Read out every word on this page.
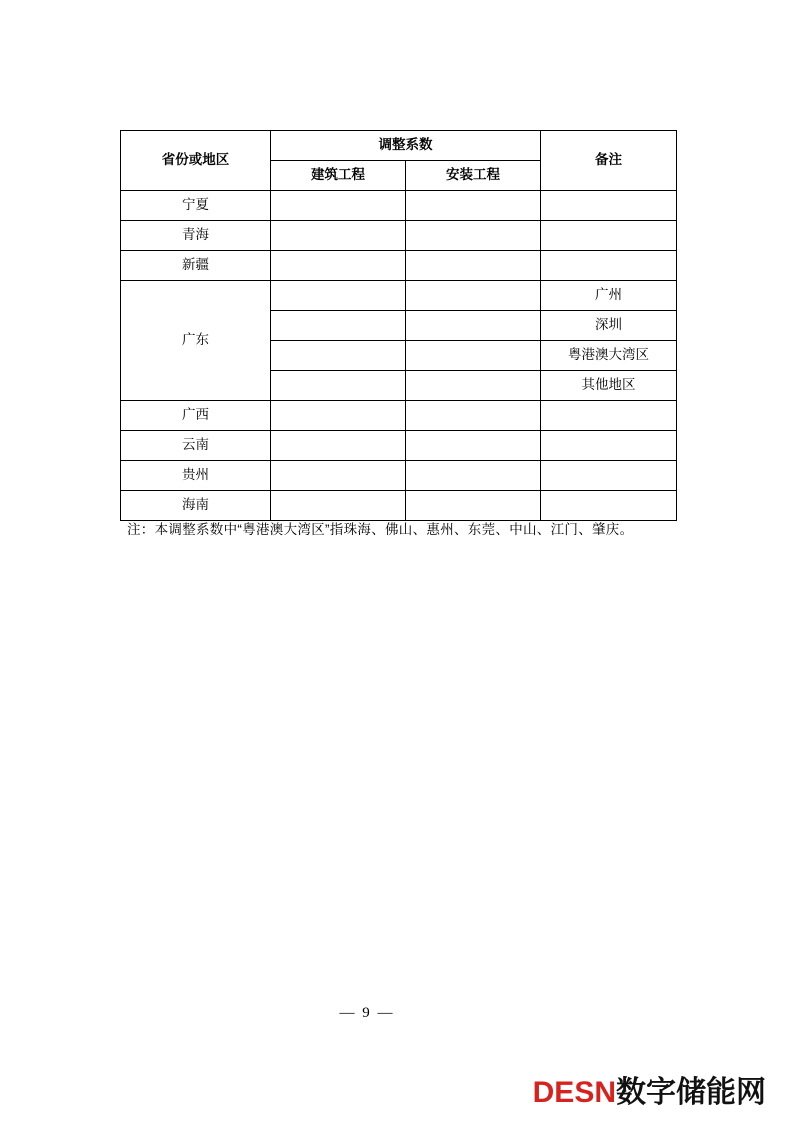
省份或地区	调整系数		备注
	建筑工程	安装工程	
宁夏			
青海			
新疆			
广东			广州
			深圳
			粤港澳大湾区
			其他地区
广西			
云南			
贵州			
海南			
注：本调整系数中“粤港澳大湾区”指珠海、佛山、惠州、东莞、中山、江门、肇庆。
— 9 —
DESN数字储能网
